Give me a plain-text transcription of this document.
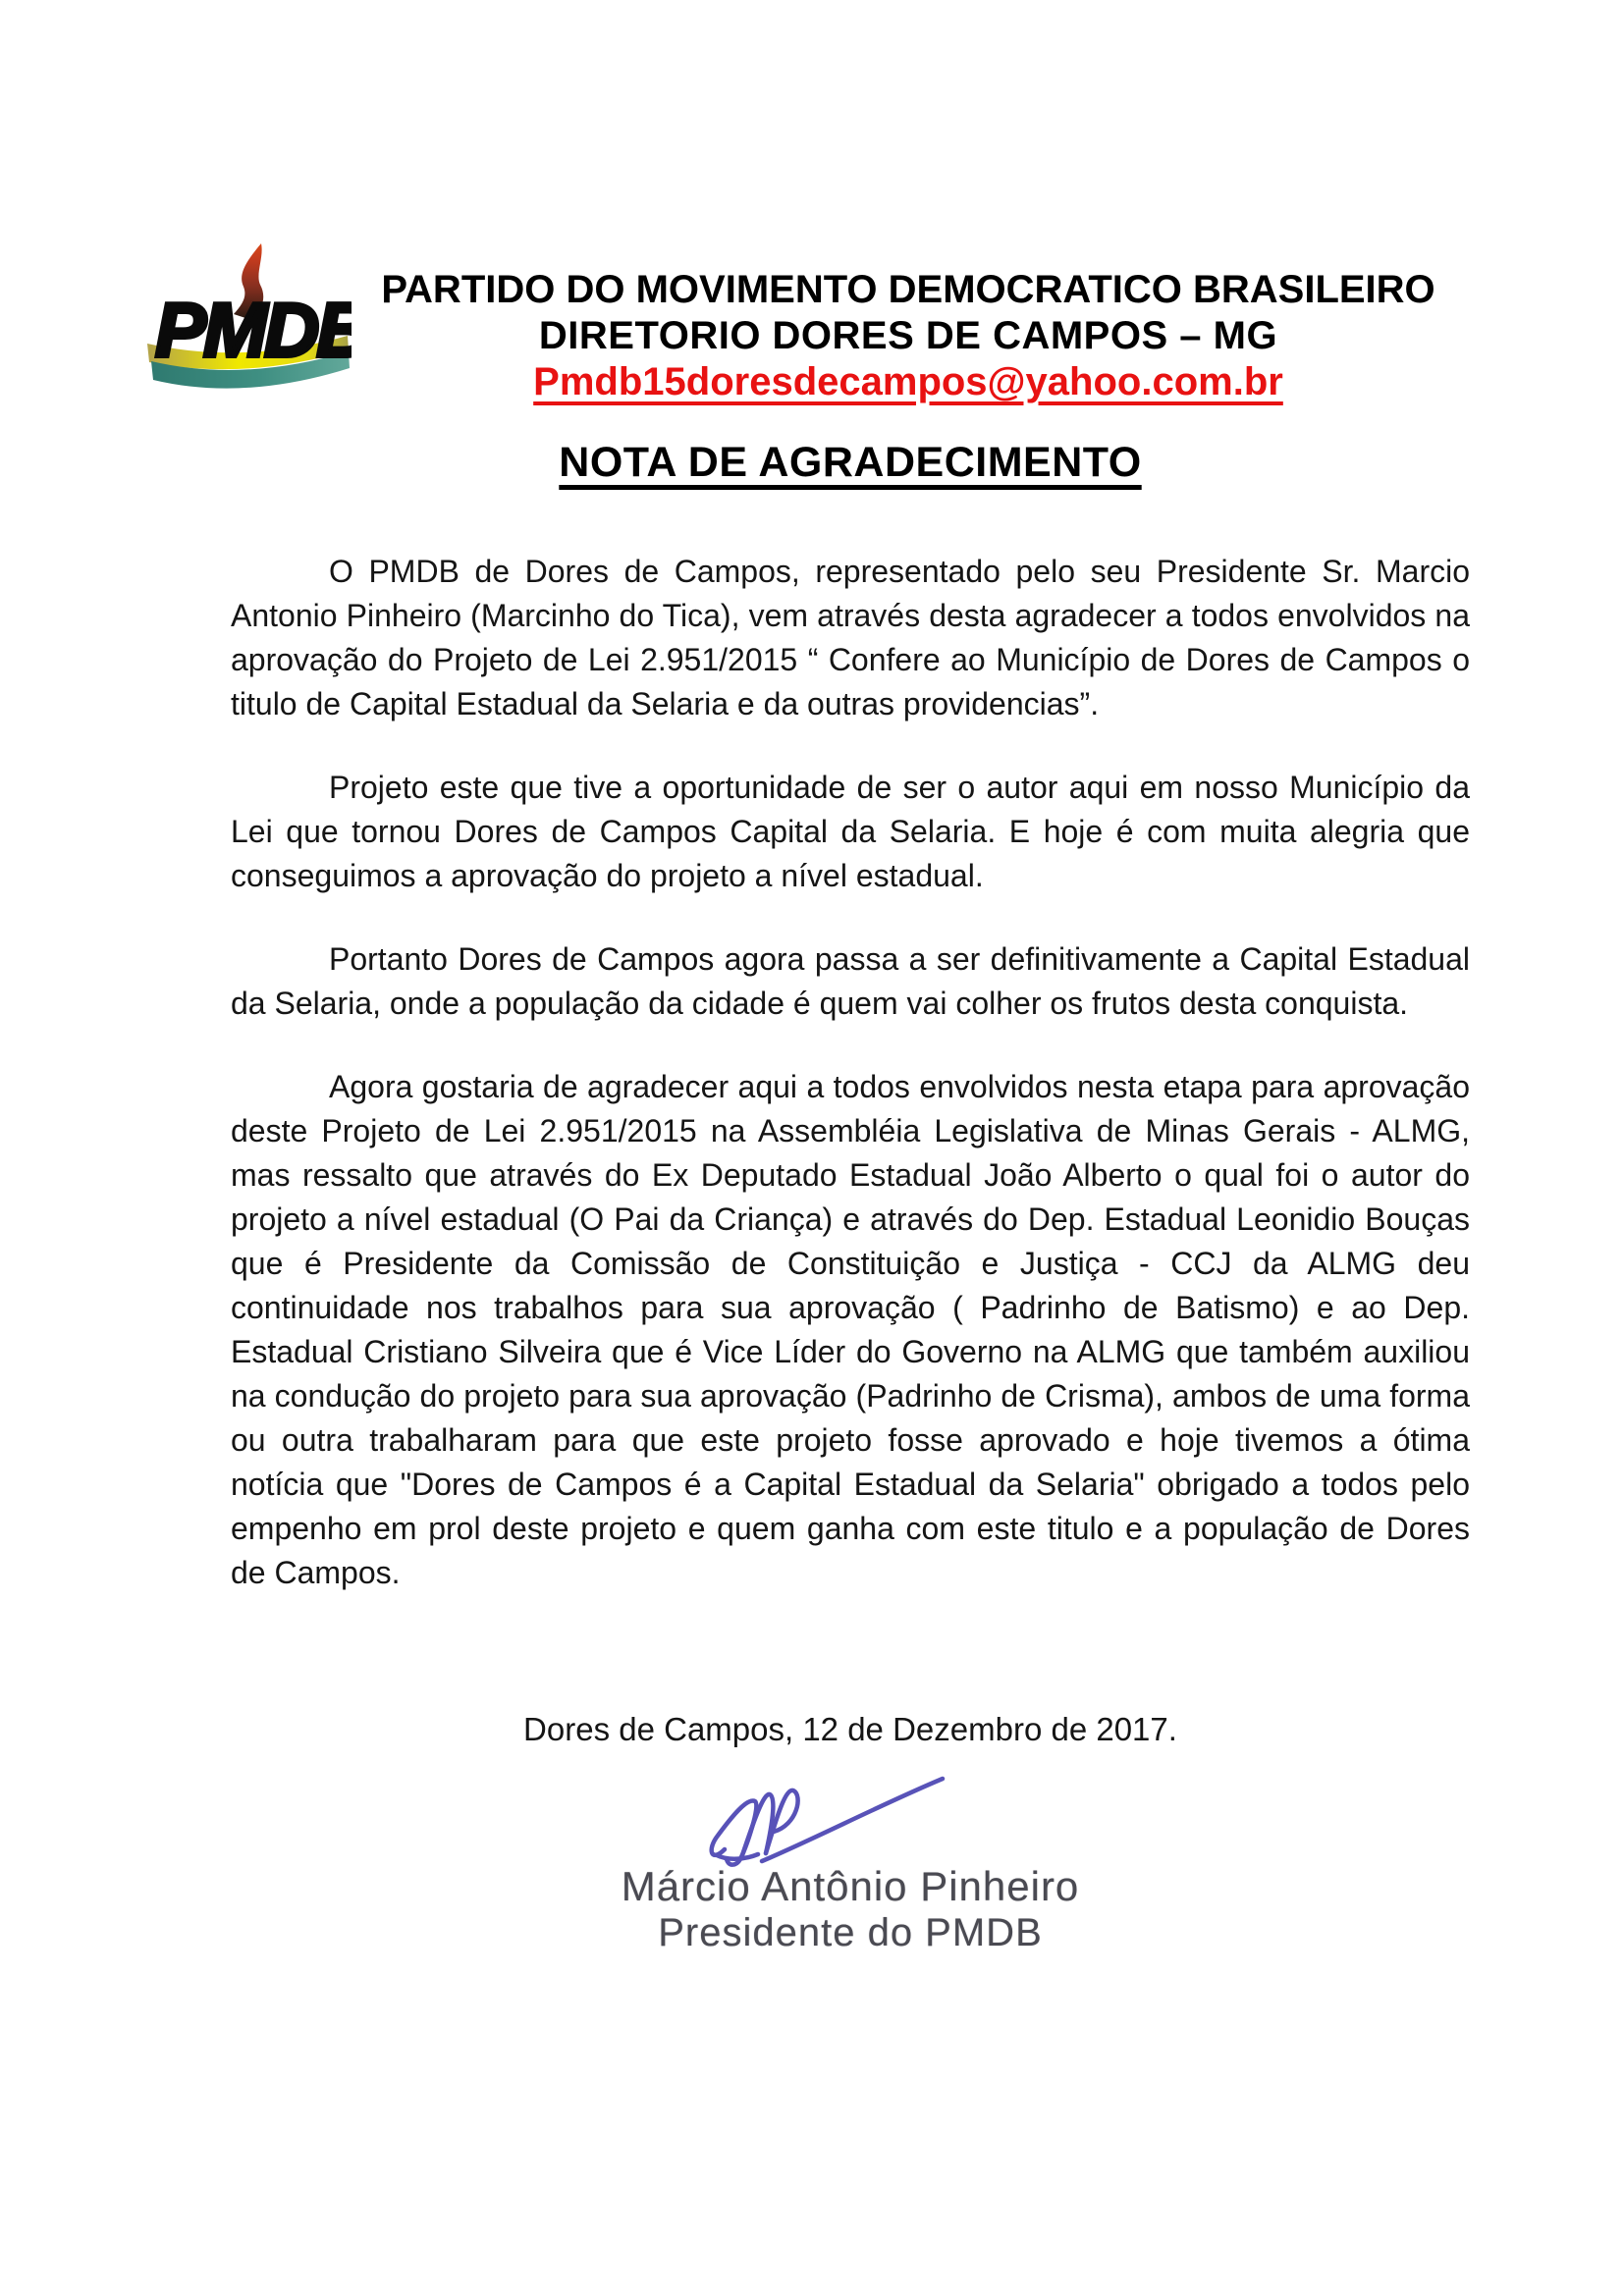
PMDB PARTIDO DO MOVIMENTO DEMOCRATICO BRASILEIRO
DIRETORIO DORES DE CAMPOS – MG
Pmdb15doresdecampos@yahoo.com.br
NOTA DE AGRADECIMENTO

O PMDB de Dores de Campos, representado pelo seu Presidente Sr. Marcio Antonio Pinheiro (Marcinho do Tica), vem através desta agradecer a todos envolvidos na aprovação do Projeto de Lei 2.951/2015 “ Confere ao Município de Dores de Campos o titulo de Capital Estadual da Selaria e da outras providencias”.

Projeto este que tive a oportunidade de ser o autor aqui em nosso Município da Lei que tornou Dores de Campos Capital da Selaria. E hoje é com muita alegria que conseguimos a aprovação do projeto a nível estadual.

Portanto Dores de Campos agora passa a ser definitivamente a Capital Estadual da Selaria, onde a população da cidade é quem vai colher os frutos desta conquista.

Agora gostaria de agradecer aqui a todos envolvidos nesta etapa para aprovação deste Projeto de Lei 2.951/2015 na Assembléia Legislativa de Minas Gerais - ALMG, mas ressalto que através do Ex Deputado Estadual João Alberto o qual foi o autor do projeto a nível estadual (O Pai da Criança) e através do Dep. Estadual Leonidio Bouças que é Presidente da Comissão de Constituição e Justiça - CCJ da ALMG deu continuidade nos trabalhos para sua aprovação ( Padrinho de Batismo) e ao Dep. Estadual Cristiano Silveira que é Vice Líder do Governo na ALMG que também auxiliou na condução do projeto para sua aprovação (Padrinho de Crisma), ambos de uma forma ou outra trabalharam para que este projeto fosse aprovado e hoje tivemos a ótima notícia que "Dores de Campos é a Capital Estadual da Selaria" obrigado a todos pelo empenho em prol deste projeto e quem ganha com este titulo e a população de Dores de Campos.

Dores de Campos, 12 de Dezembro de 2017.
Márcio Antônio Pinheiro
Presidente do PMDB
